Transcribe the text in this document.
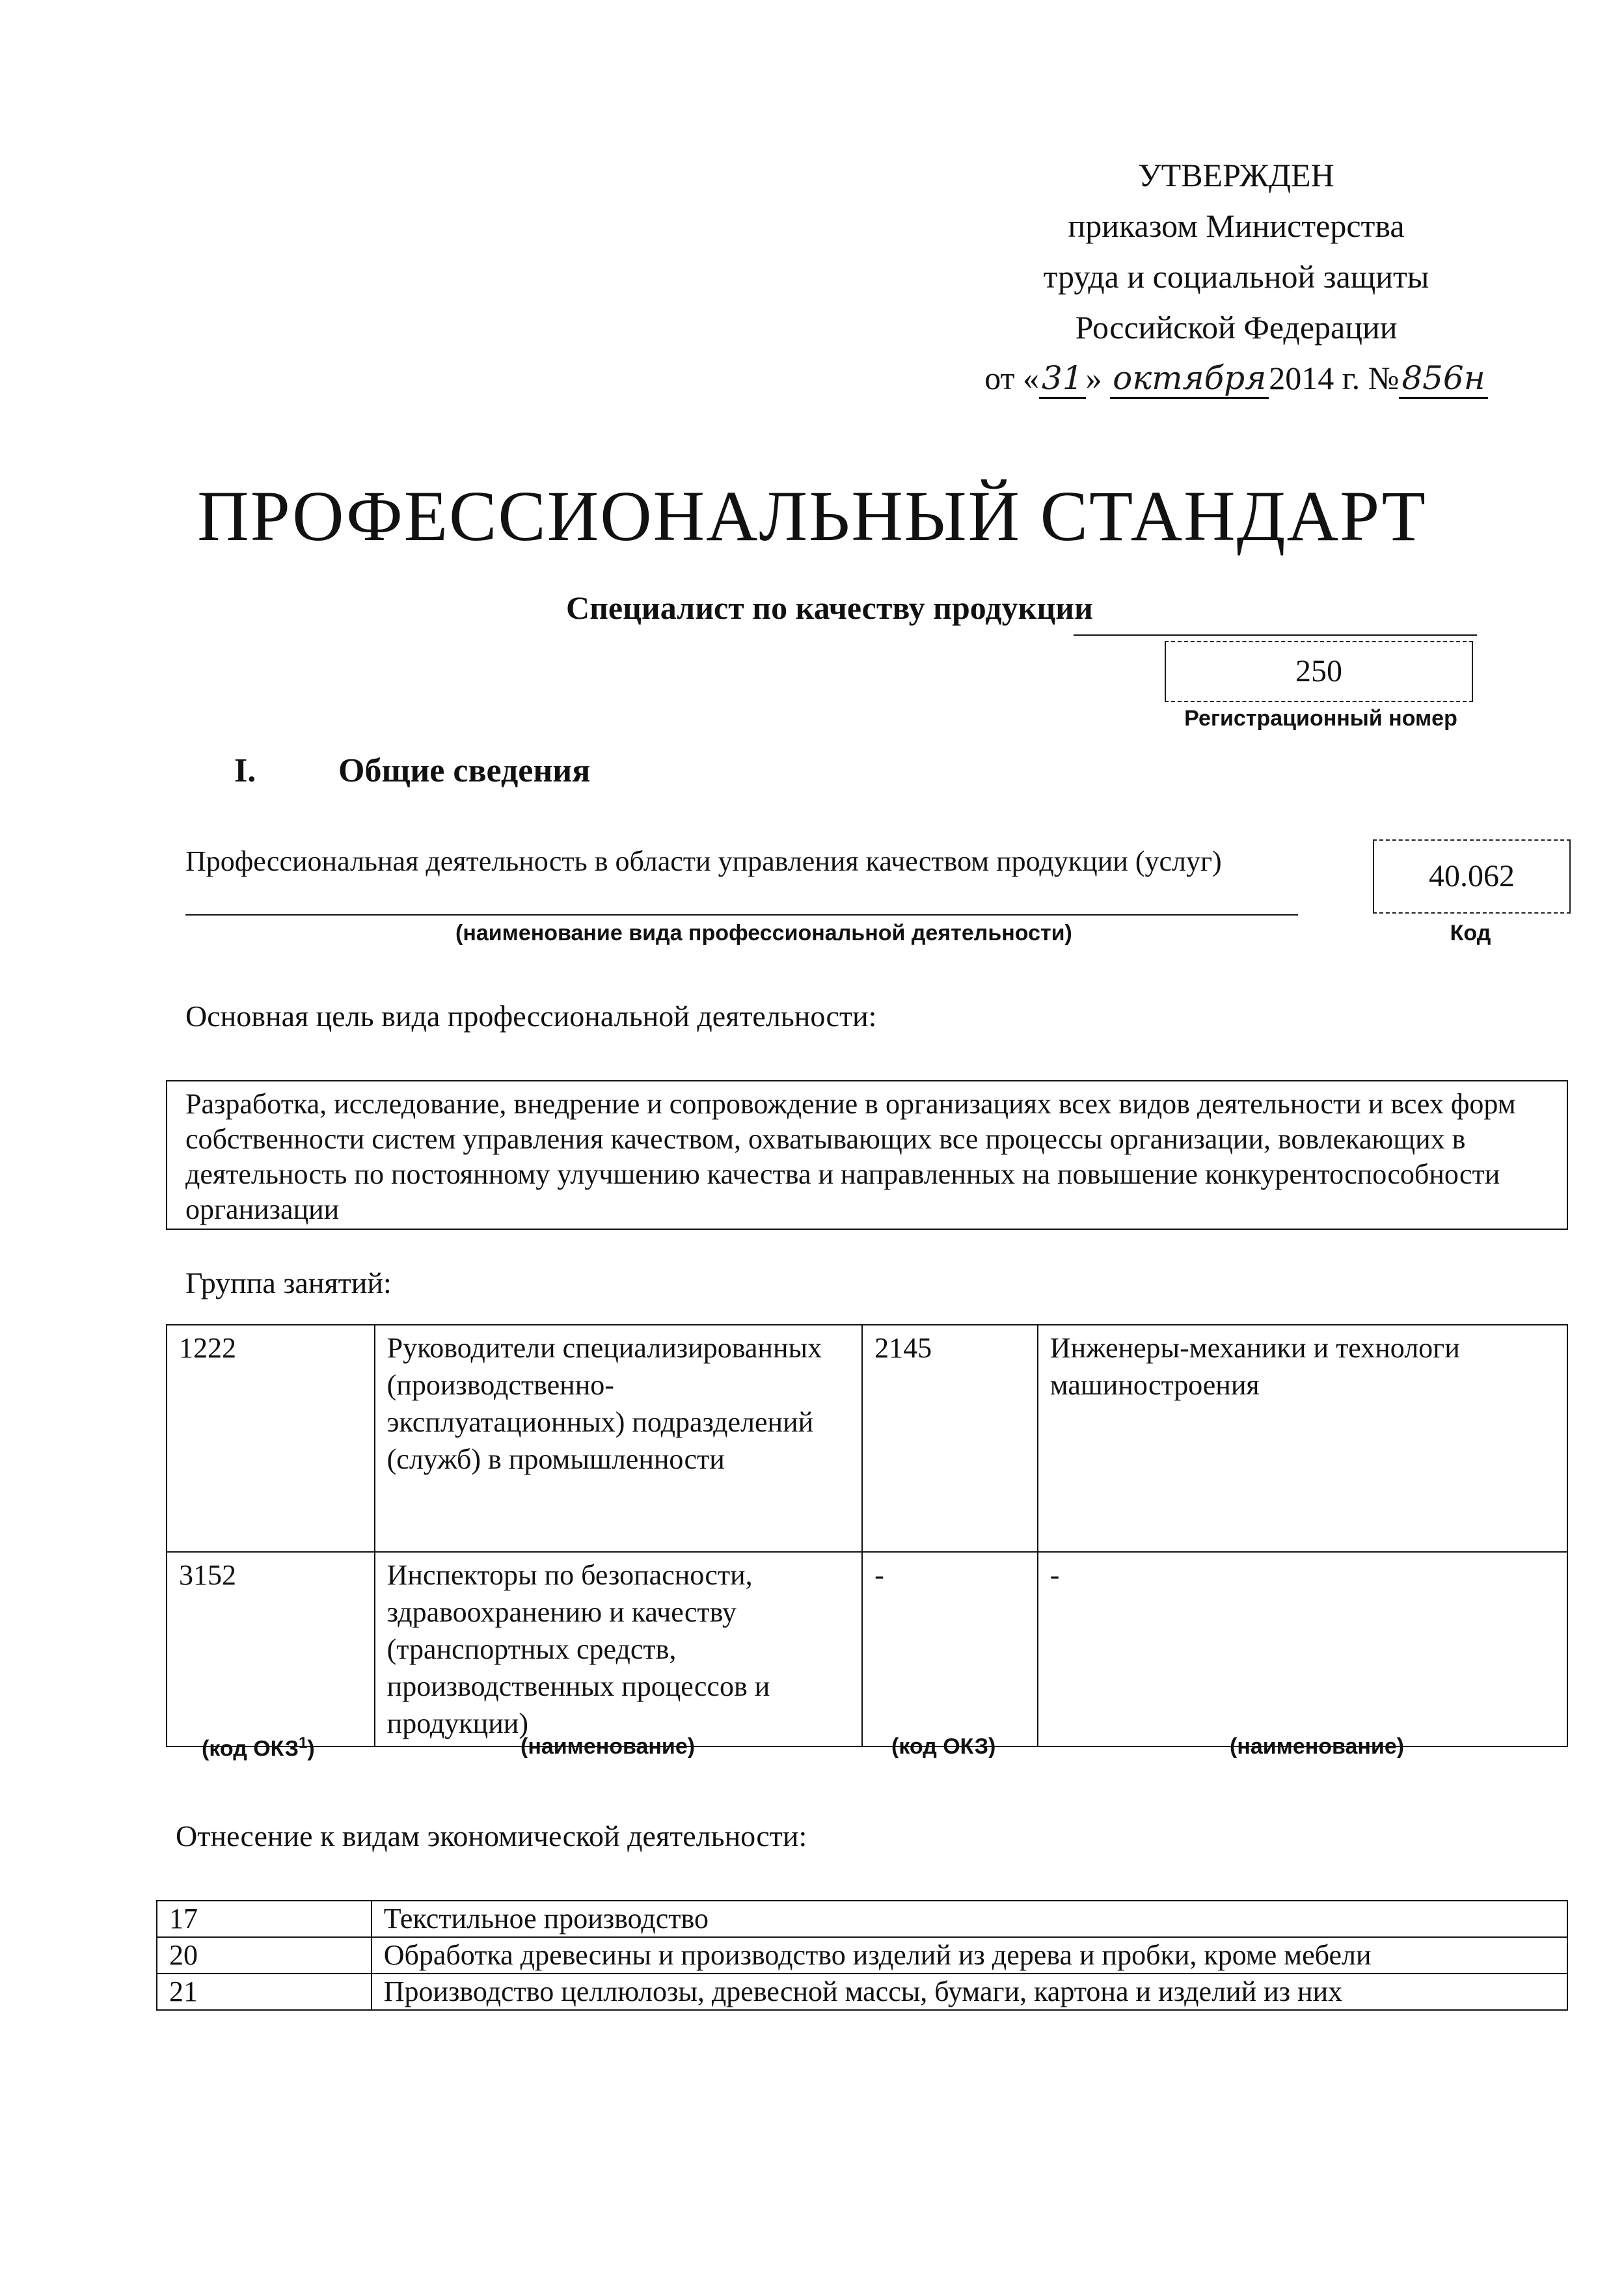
УТВЕРЖДЕН
приказом Министерства
труда и социальной защиты
Российской Федерации
от «31» октября2014 г. №856н
ПРОФЕССИОНАЛЬНЫЙ СТАНДАРТ
Специалист по качеству продукции
250
Регистрационный номер
I. Общие сведения
Профессиональная деятельность в области управления качеством продукции (услуг)
(наименование вида профессиональной деятельности)
40.062
Код
Основная цель вида профессиональной деятельности:
Разработка, исследование, внедрение и сопровождение в организациях всех видов деятельности и всех форм собственности систем управления качеством, охватывающих все процессы организации, вовлекающих в деятельность по постоянному улучшению качества и направленных на повышение конкурентоспособности организации
Группа занятий:
1222	Руководители специализированных (производственно-эксплуатационных) подразделений (служб) в промышленности	2145	Инженеры-механики и технологи машиностроения
3152	Инспекторы по безопасности, здравоохранению и качеству (транспортных средств, производственных процессов и продукции)	-	-
(код ОКЗ$^1$)	(наименование)	(код ОКЗ)	(наименование)
Отнесение к видам экономической деятельности:
17	Текстильное производство
20	Обработка древесины и производство изделий из дерева и пробки, кроме мебели
21	Производство целлюлозы, древесной массы, бумаги, картона и изделий из них
